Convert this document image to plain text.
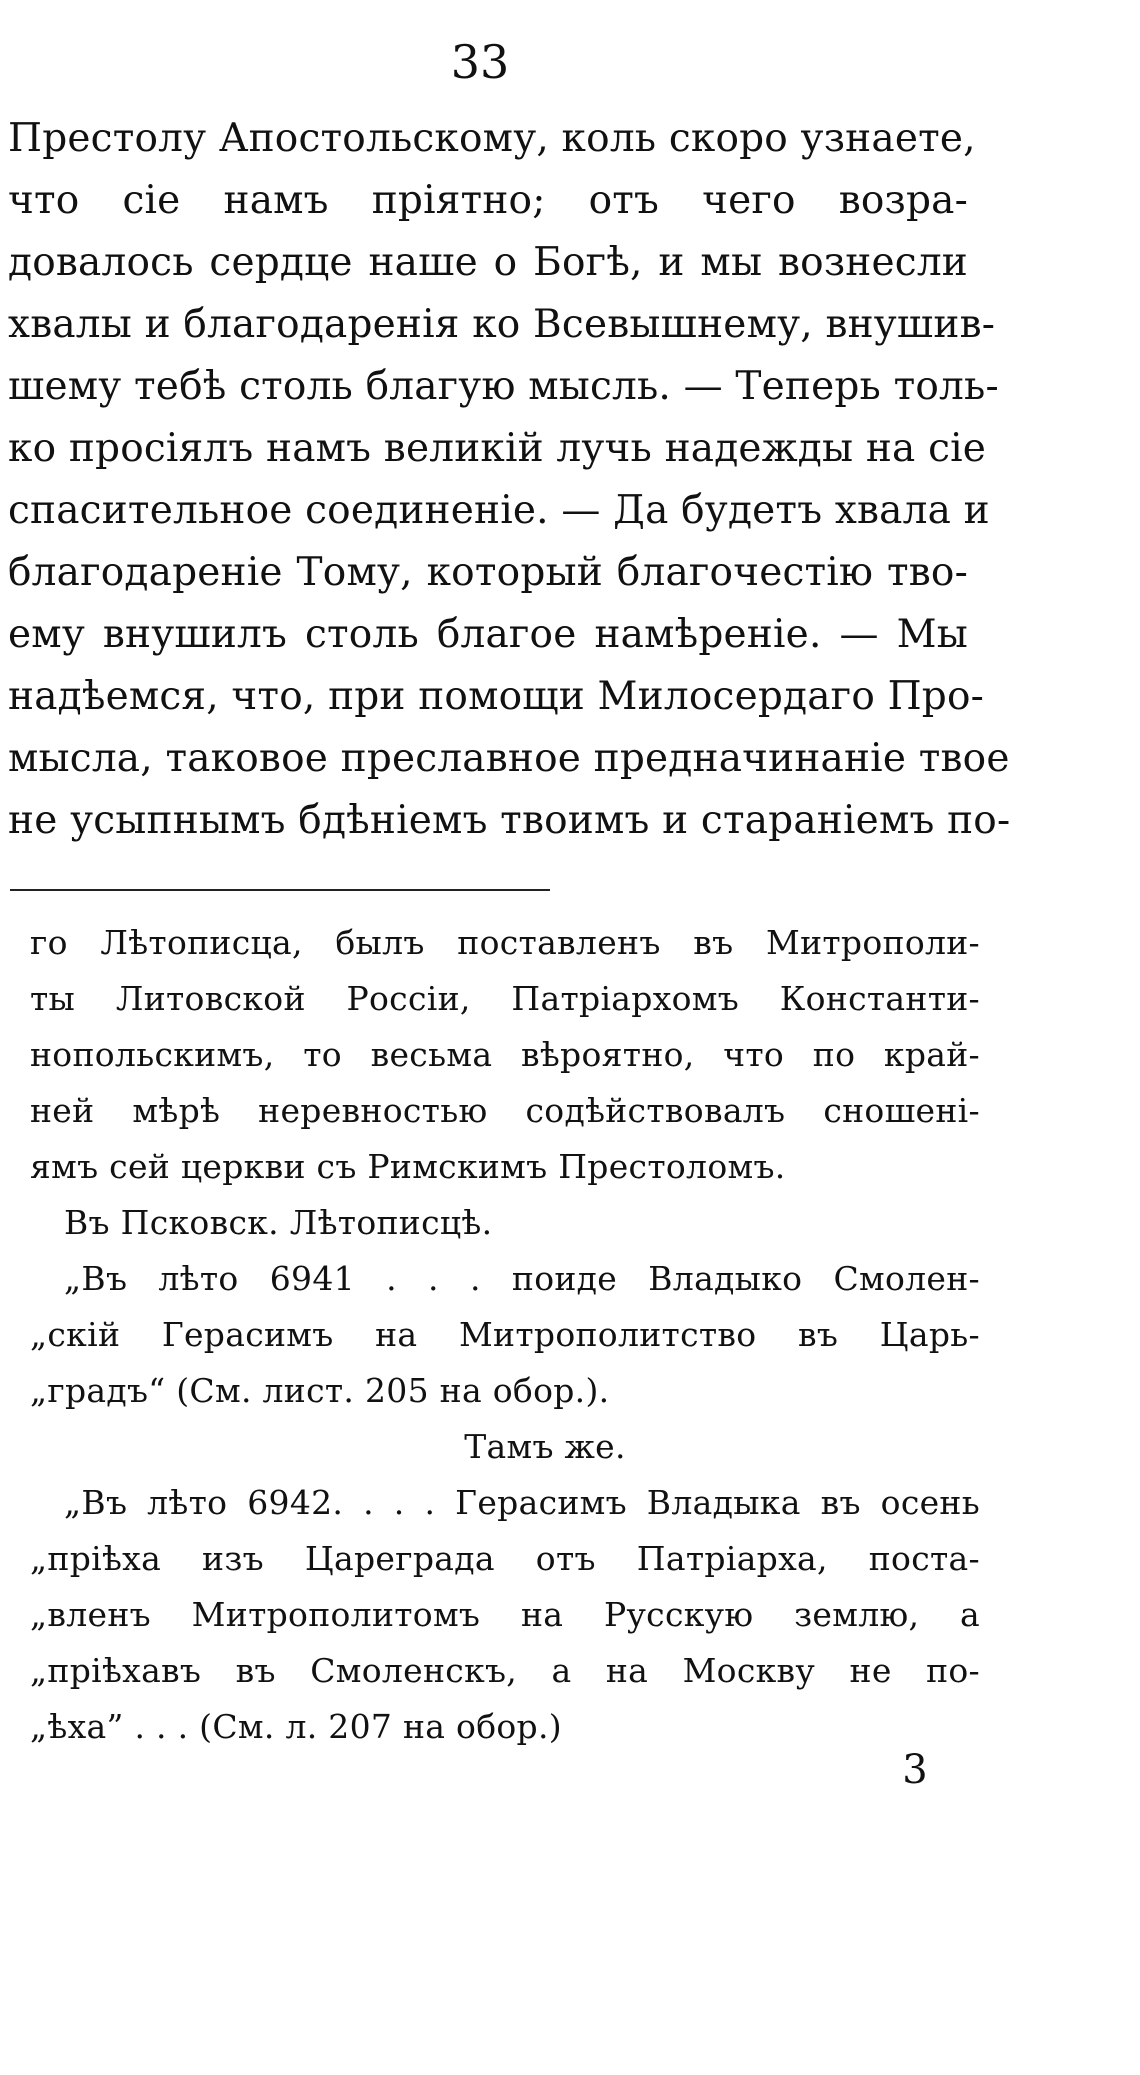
33
Престолу Апостольскому, коль скоро узнаете,
что сіе намъ пріятно; отъ чего возра-
довалось сердце наше о Богѣ, и мы вознесли
хвалы и благодаренія ко Всевышнему, внушив-
шему тебѣ столь благую мысль. — Теперь толь-
ко просіялъ намъ великій лучь надежды на сіе
спасительное соединеніе. — Да будетъ хвала и
благодареніе Тому, который благочестію тво-
ему внушилъ столь благое намѣреніе. — Мы
надѣемся, что, при помощи Милосердаго Про-
мысла, таковое преславное предначинаніе твое
не усыпнымъ бдѣніемъ твоимъ и стараніемъ по-
го Лѣтописца, былъ поставленъ въ Митрополи-
ты Литовской Россіи, Патріархомъ Константи-
нопольскимъ, то весьма вѣроятно, что по край-
ней мѣрѣ неревностью содѣйствовалъ сношені-
ямъ сей церкви съ Римскимъ Престоломъ.
Въ Псковск. Лѣтописцѣ.
„Въ лѣто 6941 . . . поиде Владыко Смолен-
„скій Герасимъ на Митрополитство въ Царь-
„градъ“ (См. лист. 205 на обор.).
Тамъ же.
„Въ лѣто 6942. . . . Герасимъ Владыка въ осень
„пріѣха изъ Цареграда отъ Патріарха, поста-
„вленъ Митрополитомъ на Русскую землю, а
„пріѣхавъ въ Смоленскъ, а на Москву не по-
„ѣха” . . . (См. л. 207 на обор.)
3
